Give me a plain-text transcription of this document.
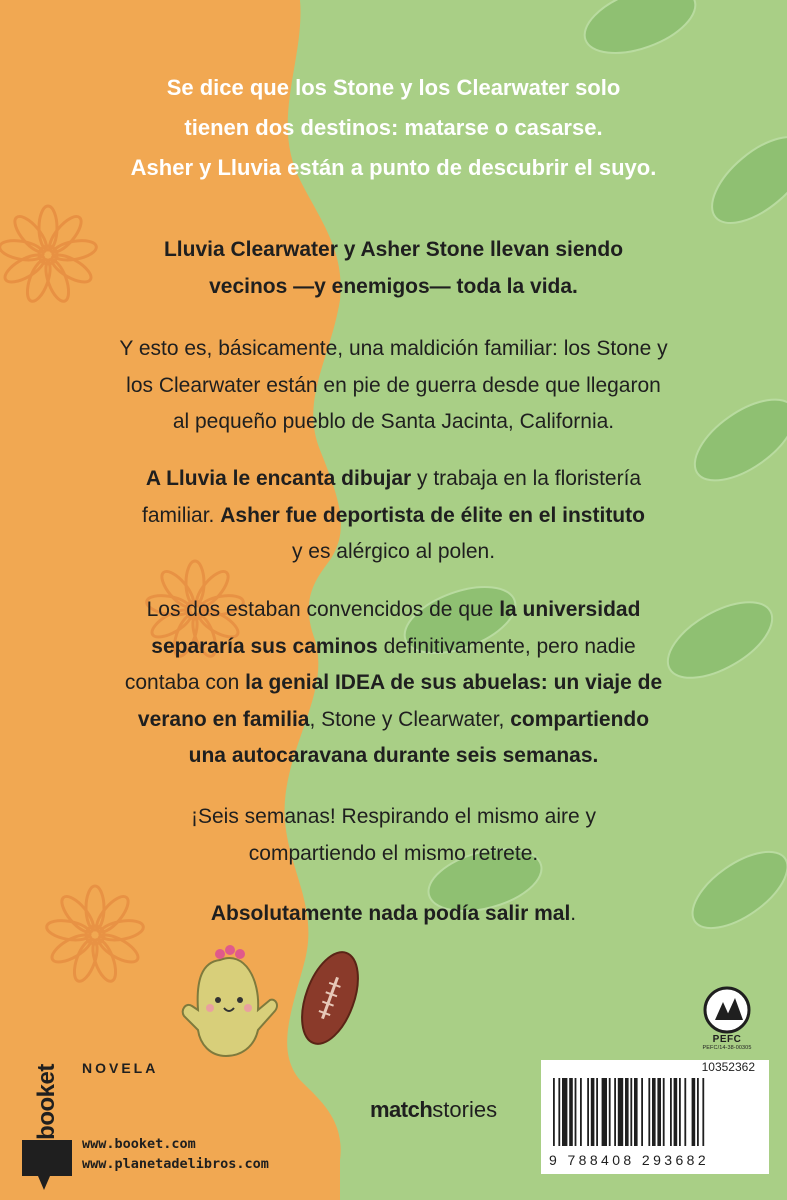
Se dice que los Stone y los Clearwater solo
tienen dos destinos: matarse o casarse.
Asher y Lluvia están a punto de descubrir el suyo.
Lluvia Clearwater y Asher Stone llevan siendo
vecinos —y enemigos— toda la vida.
Y esto es, básicamente, una maldición familiar: los Stone y
los Clearwater están en pie de guerra desde que llegaron
al pequeño pueblo de Santa Jacinta, California.
A Lluvia le encanta dibujar y trabaja en la floristería
familiar. Asher fue deportista de élite en el instituto
y es alérgico al polen.
Los dos estaban convencidos de que la universidad
separaría sus caminos definitivamente, pero nadie
contaba con la genial IDEA de sus abuelas: un viaje de
verano en familia, Stone y Clearwater, compartiendo
una autocaravana durante seis semanas.
¡Seis semanas! Respirando el mismo aire y
compartiendo el mismo retrete.
Absolutamente nada podía salir mal.
NOVELA
booket
www.booket.com
www.planetadelibros.com
matchstories
PEFC
PEFC/14-38-00305
10352362
9 788408 293682
